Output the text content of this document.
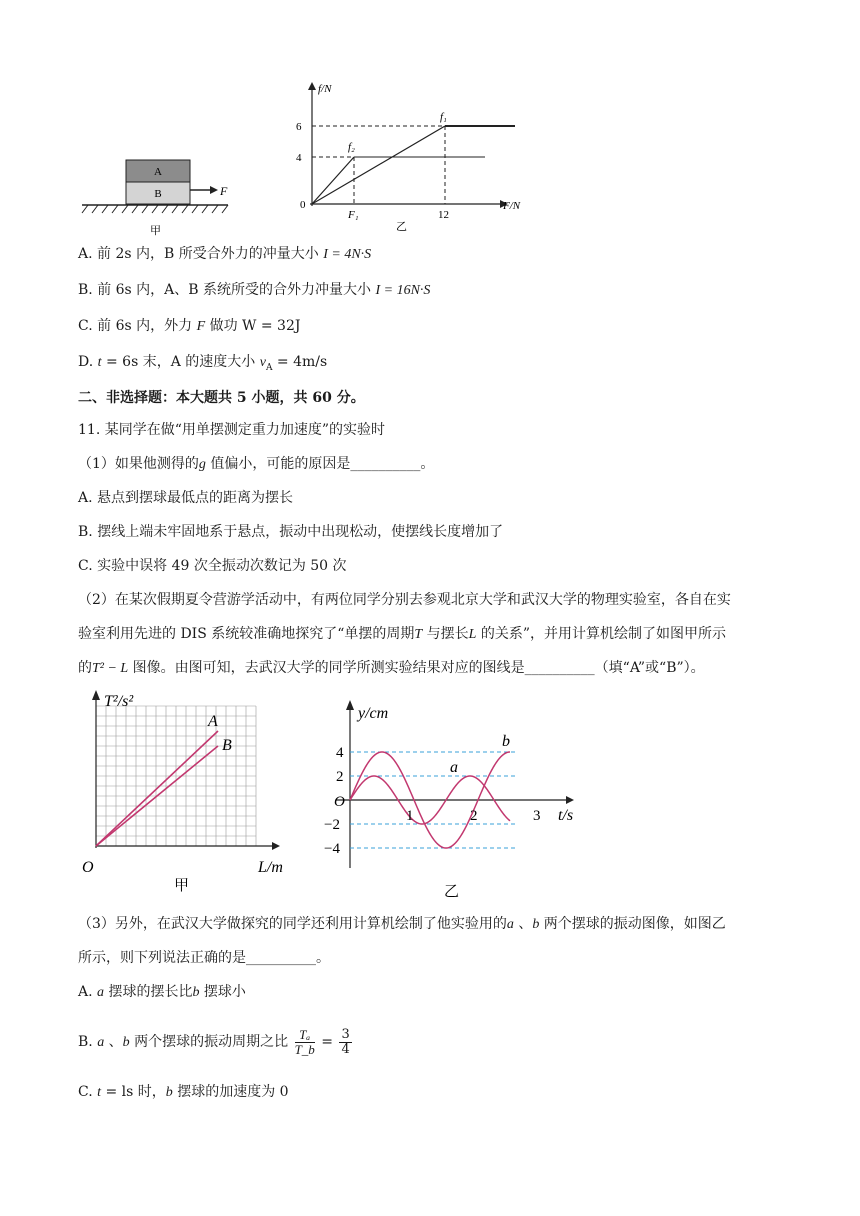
A
B	F
甲
f/N
F/N
6
4
0
F₁	12
f₁
f₂
乙
A. 前 2s 内，B 所受合外力的冲量大小 I = 4N·S
B. 前 6s 内，A、B 系统所受的合外力冲量大小 I = 16N·S
C. 前 6s 内，外力 F 做功 W = 32J
D. t = 6s 末，A 的速度大小 $v_A = 4m/s$
二、非选择题：本大题共 5 小题，共 60 分。
11. 某同学在做“用单摆测定重力加速度”的实验时
（1）如果他测得的g 值偏小，可能的原因是__________。
A. 悬点到摆球最低点的距离为摆长
B. 摆线上端未牢固地系于悬点，振动中出现松动，使摆线长度增加了
C. 实验中误将 49 次全振动次数记为 50 次
（2）在某次假期夏令营游学活动中，有两位同学分别去参观北京大学和武汉大学的物理实验室，各自在实
验室利用先进的 DIS 系统较准确地探究了“单摆的周期T 与摆长L 的关系”，并用计算机绘制了如图甲所示
的T² − L 图像。由图可知，去武汉大学的同学所测实验结果对应的图线是__________（填“A”或“B”）。
T²/s²
L/m
O
A
B
甲
y/cm
t/s
O
4
2
−2
−4
1	2	3
a
b
乙
（3）另外，在武汉大学做探究的同学还利用计算机绘制了他实验用的a 、b 两个摆球的振动图像，如图乙
所示，则下列说法正确的是__________。
A. a 摆球的摆长比b 摆球小
B. a 、b 两个摆球的振动周期之比 $\frac{\text{Tₐ}}{T\_b} = \frac{3}{4}$
C. t = ls 时，b 摆球的加速度为 0
